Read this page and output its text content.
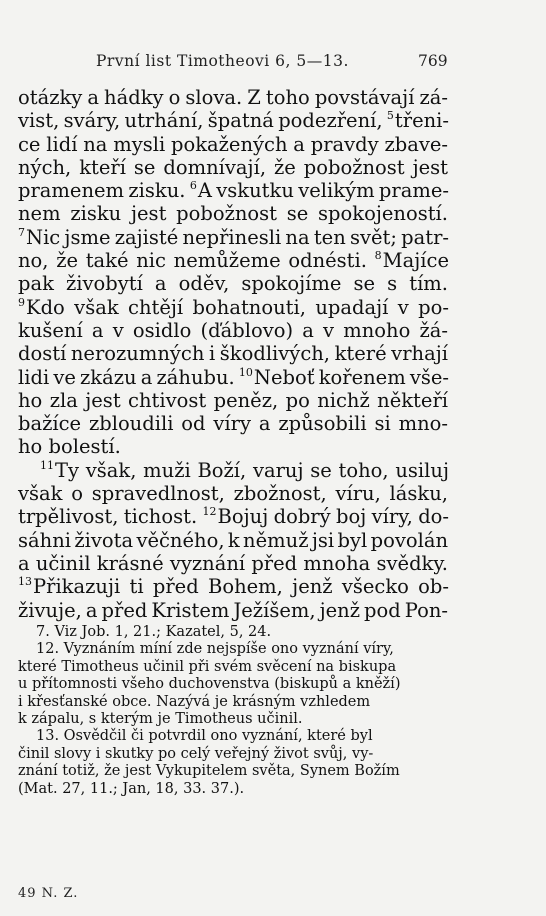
První list Timotheovi 6, 5—13.	769
otázky a hádky o slova. Z toho povstávají zá-
vist, sváry, utrhání, špatná podezření, $^5$třeni-
ce lidí na mysli pokažených a pravdy zbave-
ných, kteří se domnívají, že pobožnost jest
pramenem zisku. $^6$A vskutku velikým prame-
nem zisku jest pobožnost se spokojeností.
$^7$Nic jsme zajisté nepřinesli na ten svět; patr-
no, že také nic nemůžeme odnésti. $^8$Majíce
pak živobytí a oděv, spokojíme se s tím.
$^9$Kdo však chtějí bohatnouti, upadají v po-
kušení a v osidlo (ďáblovo) a v mnoho žá-
dostí nerozumných i škodlivých, které vrhají
lidi ve zkázu a záhubu. $^{10}$Neboť kořenem vše-
ho zla jest chtivost peněz, po nichž někteří
bažíce zbloudili od víry a způsobili si mno-
ho bolestí.
$^{11}$Ty však, muži Boží, varuj se toho, usiluj
však o spravedlnost, zbožnost, víru, lásku,
trpělivost, tichost. $^{12}$Bojuj dobrý boj víry, do-
sáhni života věčného, k němuž jsi byl povolán
a učinil krásné vyznání před mnoha svědky.
$^{13}$Přikazuji ti před Bohem, jenž všecko ob-
živuje, a před Kristem Ježíšem, jenž pod Pon-
7. Viz Job. 1, 21.; Kazatel, 5, 24.
12. Vyznáním míní zde nejspíše ono vyznání víry,
které Timotheus učinil při svém svěcení na biskupa
u přítomnosti všeho duchovenstva (biskupů a kněží)
i křesťanské obce. Nazývá je krásným vzhledem
k zápalu, s kterým je Timotheus učinil.
13. Osvědčil či potvrdil ono vyznání, které byl
činil slovy i skutky po celý veřejný život svůj, vy-
znání totiž, že jest Vykupitelem světa, Synem Božím
(Mat. 27, 11.; Jan, 18, 33. 37.).
49 N. Z.
